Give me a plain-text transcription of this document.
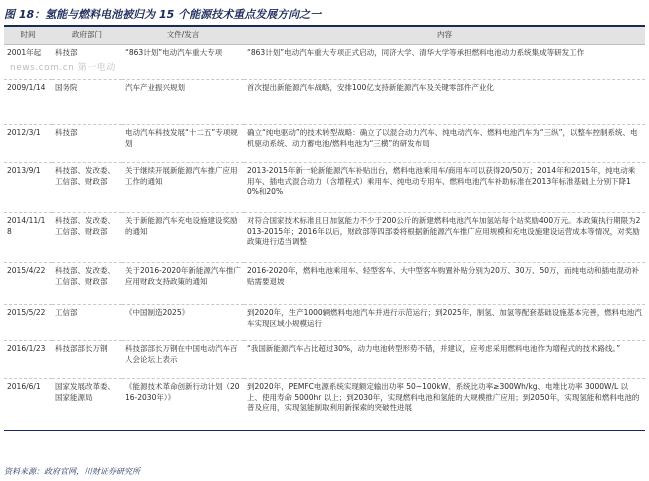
图 18：氢能与燃料电池被归为 15 个能源技术重点发展方向之一
时间	政府部门	文件/发言	内容
2001年起	科技部	“863计划”电动汽车重大专项	“863计划”电动汽车重大专项正式启动，同济大学、清华大学等承担燃料电池动力系统集成等研发工作
2009/1/14	国务院	汽车产业振兴规划	首次提出新能源汽车战略，安排100亿支持新能源汽车及关键零部件产业化
2012/3/1	科技部	电动汽车科技发展“十二五”专项规划	确立“纯电驱动”的技术转型战略：确立了以混合动力汽车、纯电动汽车、燃料电池汽车为“三纵”，以整车控制系统、电机驱动系统、动力蓄电池/燃料电池为“三横”的研发布局
2013/9/1	科技部、发改委、工信部、财政部	关于继续开展新能源汽车推广应用工作的通知	2013-2015年新一轮新能源汽车补贴出台，燃料电池乘用车/商用车可以获得20/50万；2014年和2015年，纯电动乘用车、插电式混合动力（含增程式）乘用车、纯电动专用车、燃料电池汽车补助标准在2013年标准基础上分别下降10%和20%
2014/11/18	科技部、发改委、工信部、财政部	关于新能源汽车充电设施建设奖励的通知	对符合国家技术标准且日加氢能力不少于200公斤的新建燃料电池汽车加氢站每个站奖励400万元。本政策执行期限为2013-2015年；2016年以后，财政部等四部委将根据新能源汽车推广应用规模和充电设施建设运营成本等情况，对奖励政策进行适当调整
2015/4/22	科技部、发改委、工信部、财政部	关于2016-2020年新能源汽车推广应用财政支持政策的通知	2016-2020年，燃料电池乘用车、轻型客车、大中型客车购置补贴分别为20万、30万、50万，而纯电动和插电混动补贴需要退坡
2015/5/22	工信部	《中国制造2025》	到2020年，生产1000辆燃料电池汽车并进行示范运行；到2025年，制氢、加氢等配套基础设施基本完善，燃料电池汽车实现区域小规模运行
2016/1/23	科技部部长万钢	科技部部长万钢在中国电动汽车百人会论坛上表示	“我国新能源汽车占比超过30%，动力电池转型形势不错，并建议，应考虑采用燃料电池作为增程式的技术路线。”
2016/6/1	国家发展改革委、国家能源局	《能源技术革命创新行动计划（2016-2030年）》	到2020年，PEMFC电源系统实现额定输出功率 50~100kW、系统比功率≥300Wh/kg、电堆比功率 3000W/L 以上、使用寿命 5000hr 以上；到2030年，实现燃料电池和氢能的大规模推广应用；到2050年，实现氢能和燃料电池的普及应用，实现氢能制取利用新探索的突破性进展
news.com.cn 第一电动
资料来源：政府官网，川财证券研究所
